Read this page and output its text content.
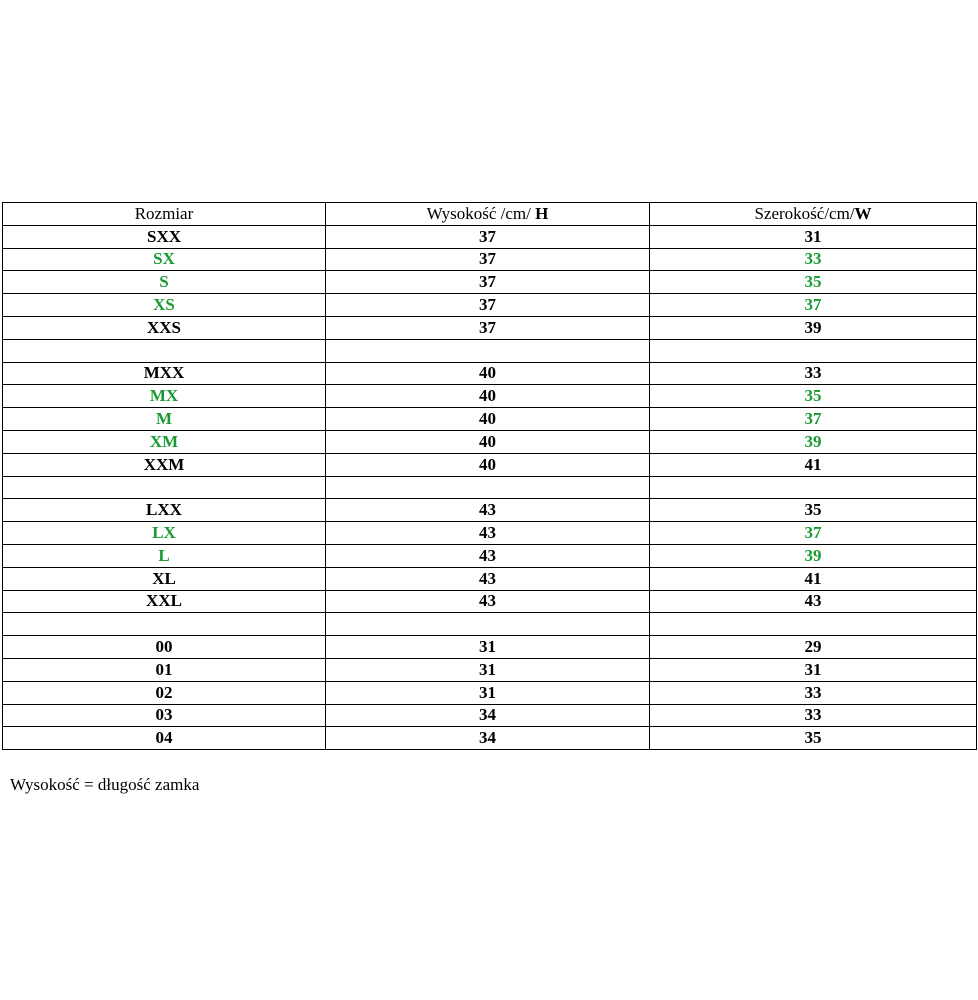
Rozmiar	Wysokość /cm/ H	Szerokość/cm/W
SXX	37	31
SX	37	33
S	37	35
XS	37	37
XXS	37	39

MXX	40	33
MX	40	35
M	40	37
XM	40	39
XXM	40	41

LXX	43	35
LX	43	37
L	43	39
XL	43	41
XXL	43	43

00	31	29
01	31	31
02	31	33
03	34	33
04	34	35

Wysokość = długość zamka
